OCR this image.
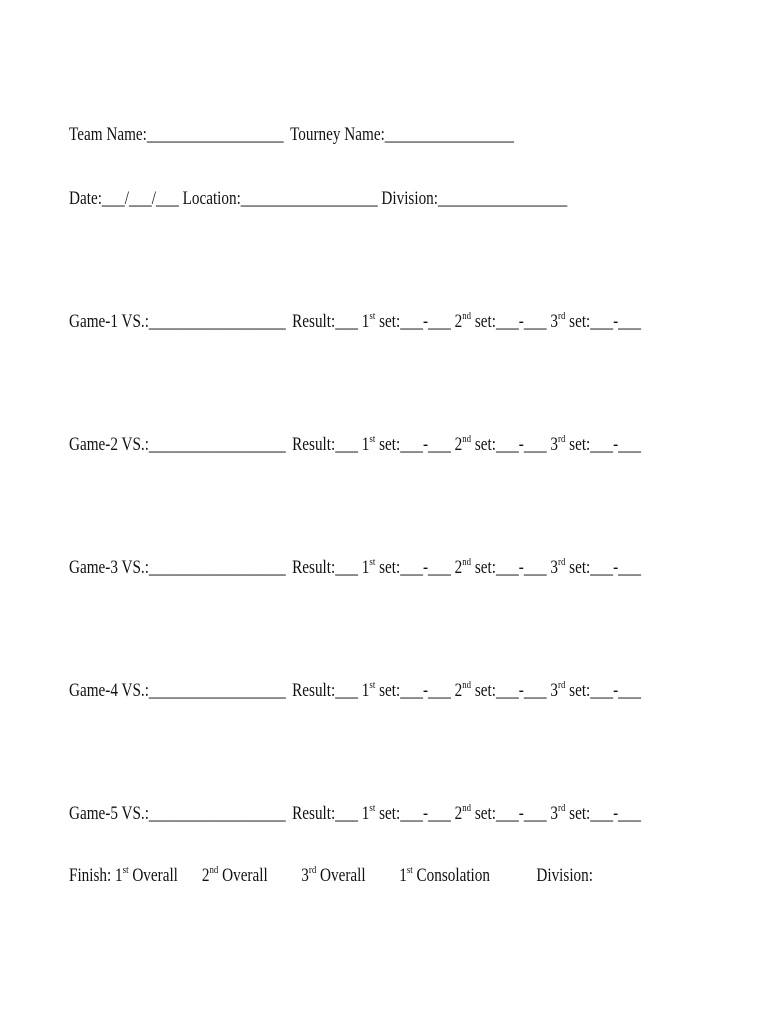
Team Name:__________________ Tourney Name:_________________
Date:___/___/___ Location:__________________ Division:_________________
Game-1 VS.:__________________ Result:___ 1st set:___-___ 2nd set:___-___ 3rd set:___-___
Game-2 VS.:__________________ Result:___ 1st set:___-___ 2nd set:___-___ 3rd set:___-___
Game-3 VS.:__________________ Result:___ 1st set:___-___ 2nd set:___-___ 3rd set:___-___
Game-4 VS.:__________________ Result:___ 1st set:___-___ 2nd set:___-___ 3rd set:___-___
Game-5 VS.:__________________ Result:___ 1st set:___-___ 2nd set:___-___ 3rd set:___-___
Finish: 1st Overall 2nd Overall 3rd Overall 1st Consolation Division:
